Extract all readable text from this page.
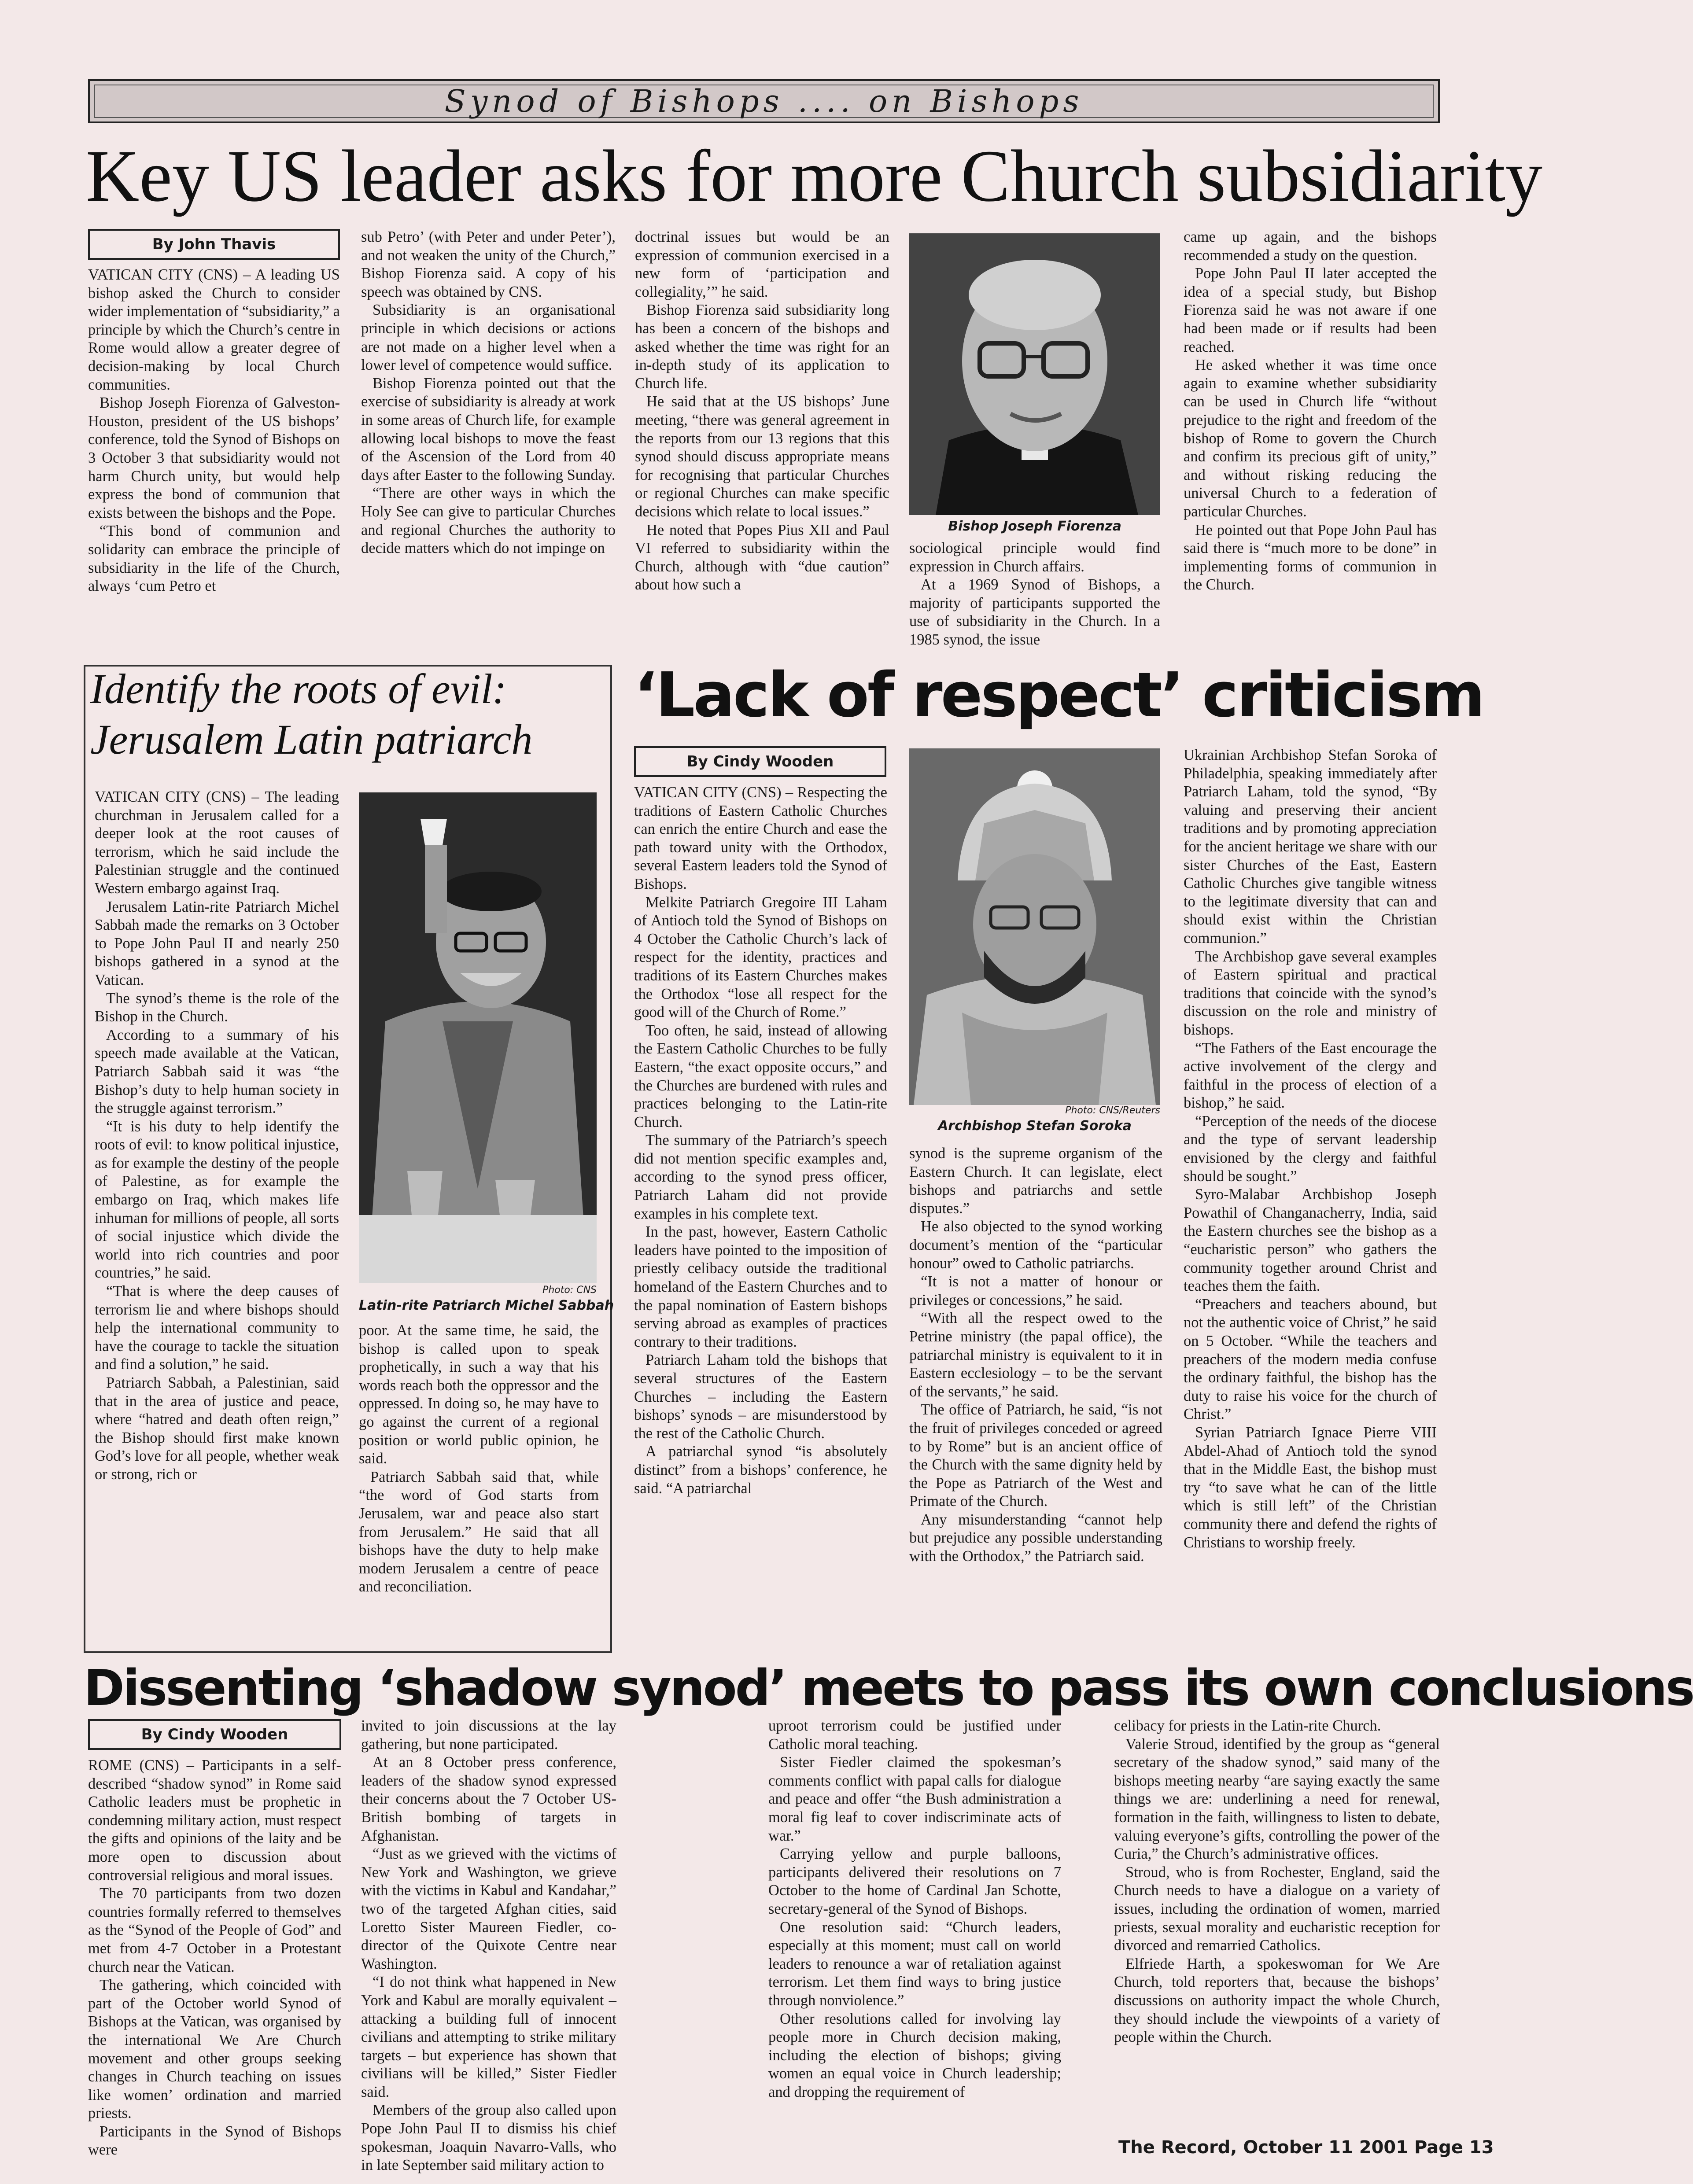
Synod of Bishops .... on Bishops
Key US leader asks for more Church subsidiarity
By John Thavis

VATICAN CITY (CNS) – A leading US bishop asked the Church to consider wider implementation of “subsidiarity,” a principle by which the Church’s centre in Rome would allow a greater degree of decision-making by local Church communities.

Bishop Joseph Fiorenza of Galveston-Houston, president of the US bishops’ conference, told the Synod of Bishops on 3 October 3 that subsidiarity would not harm Church unity, but would help express the bond of communion that exists between the bishops and the Pope.

“This bond of communion and solidarity can embrace the principle of subsidiarity in the life of the Church, always ‘cum Petro et

sub Petro’ (with Peter and under Peter’), and not weaken the unity of the Church,” Bishop Fiorenza said. A copy of his speech was obtained by CNS.

Subsidiarity is an organisational principle in which decisions or actions are not made on a higher level when a lower level of competence would suffice.

Bishop Fiorenza pointed out that the exercise of subsidiarity is already at work in some areas of Church life, for example allowing local bishops to move the feast of the Ascension of the Lord from 40 days after Easter to the following Sunday.

“There are other ways in which the Holy See can give to particular Churches and regional Churches the authority to decide matters which do not impinge on

doctrinal issues but would be an expression of communion exercised in a new form of ‘participation and collegiality,’” he said.

Bishop Fiorenza said subsidiarity long has been a concern of the bishops and asked whether the time was right for an in-depth study of its application to Church life.

He said that at the US bishops’ June meeting, “there was general agreement in the reports from our 13 regions that this synod should discuss appropriate means for recognising that particular Churches or regional Churches can make specific decisions which relate to local issues.”

He noted that Popes Pius XII and Paul VI referred to subsidiarity within the Church, although with “due caution” about how such a

Bishop Joseph Fiorenza

sociological principle would find expression in Church affairs.

At a 1969 Synod of Bishops, a majority of participants supported the use of subsidiarity in the Church. In a 1985 synod, the issue

came up again, and the bishops recommended a study on the question.

Pope John Paul II later accepted the idea of a special study, but Bishop Fiorenza said he was not aware if one had been made or if results had been reached.

He asked whether it was time once again to examine whether subsidiarity can be used in Church life “without prejudice to the right and freedom of the bishop of Rome to govern the Church and confirm its precious gift of unity,” and without risking reducing the universal Church to a federation of particular Churches.

He pointed out that Pope John Paul has said there is “much more to be done” in implementing forms of communion in the Church.

Identify the roots of evil:
Jerusalem Latin patriarch

VATICAN CITY (CNS) – The leading churchman in Jerusalem called for a deeper look at the root causes of terrorism, which he said include the Palestinian struggle and the continued Western embargo against Iraq.

Jerusalem Latin-rite Patriarch Michel Sabbah made the remarks on 3 October to Pope John Paul II and nearly 250 bishops gathered in a synod at the Vatican.

The synod’s theme is the role of the Bishop in the Church.

According to a summary of his speech made available at the Vatican, Patriarch Sabbah said it was “the Bishop’s duty to help human society in the struggle against terrorism.”

“It is his duty to help identify the roots of evil: to know political injustice, as for example the destiny of the people of Palestine, as for example the embargo on Iraq, which makes life inhuman for millions of people, all sorts of social injustice which divide the world into rich countries and poor countries,” he said.

“That is where the deep causes of terrorism lie and where bishops should help the international community to have the courage to tackle the situation and find a solution,” he said.

Patriarch Sabbah, a Palestinian, said that in the area of justice and peace, where “hatred and death often reign,” the Bishop should first make known God’s love for all people, whether weak or strong, rich or

Photo: CNS
Latin-rite Patriarch Michel Sabbah

poor. At the same time, he said, the bishop is called upon to speak prophetically, in such a way that his words reach both the oppressor and the oppressed. In doing so, he may have to go against the current of a regional position or world public opinion, he said.

Patriarch Sabbah said that, while “the word of God starts from Jerusalem, war and peace also start from Jerusalem.” He said that all bishops have the duty to help make modern Jerusalem a centre of peace and reconciliation.

‘Lack of respect’ criticism
By Cindy Wooden

VATICAN CITY (CNS) – Respecting the traditions of Eastern Catholic Churches can enrich the entire Church and ease the path toward unity with the Orthodox, several Eastern leaders told the Synod of Bishops.

Melkite Patriarch Gregoire III Laham of Antioch told the Synod of Bishops on 4 October the Catholic Church’s lack of respect for the identity, practices and traditions of its Eastern Churches makes the Orthodox “lose all respect for the good will of the Church of Rome.”

Too often, he said, instead of allowing the Eastern Catholic Churches to be fully Eastern, “the exact opposite occurs,” and the Churches are burdened with rules and practices belonging to the Latin-rite Church.

The summary of the Patriarch’s speech did not mention specific examples and, according to the synod press officer, Patriarch Laham did not provide examples in his complete text.

In the past, however, Eastern Catholic leaders have pointed to the imposition of priestly celibacy outside the traditional homeland of the Eastern Churches and to the papal nomination of Eastern bishops serving abroad as examples of practices contrary to their traditions.

Patriarch Laham told the bishops that several structures of the Eastern Churches – including the Eastern bishops’ synods – are misunderstood by the rest of the Catholic Church.

A patriarchal synod “is absolutely distinct” from a bishops’ conference, he said. “A patriarchal

Photo: CNS/Reuters
Archbishop Stefan Soroka

synod is the supreme organism of the Eastern Church. It can legislate, elect bishops and patriarchs and settle disputes.”

He also objected to the synod working document’s mention of the “particular honour” owed to Catholic patriarchs.

“It is not a matter of honour or privileges or concessions,” he said.

“With all the respect owed to the Petrine ministry (the papal office), the patriarchal ministry is equivalent to it in Eastern ecclesiology – to be the servant of the servants,” he said.

The office of Patriarch, he said, “is not the fruit of privileges conceded or agreed to by Rome” but is an ancient office of the Church with the same dignity held by the Pope as Patriarch of the West and Primate of the Church.

Any misunderstanding “cannot help but prejudice any possible understanding with the Orthodox,” the Patriarch said.

Ukrainian Archbishop Stefan Soroka of Philadelphia, speaking immediately after Patriarch Laham, told the synod, “By valuing and preserving their ancient traditions and by promoting appreciation for the ancient heritage we share with our sister Churches of the East, Eastern Catholic Churches give tangible witness to the legitimate diversity that can and should exist within the Christian communion.”

The Archbishop gave several examples of Eastern spiritual and practical traditions that coincide with the synod’s discussion on the role and ministry of bishops.

“The Fathers of the East encourage the active involvement of the clergy and faithful in the process of election of a bishop,” he said.

“Perception of the needs of the diocese and the type of servant leadership envisioned by the clergy and faithful should be sought.”

Syro-Malabar Archbishop Joseph Powathil of Changanacherry, India, said the Eastern churches see the bishop as a “eucharistic person” who gathers the community together around Christ and teaches them the faith.

“Preachers and teachers abound, but not the authentic voice of Christ,” he said on 5 October. “While the teachers and preachers of the modern media confuse the ordinary faithful, the bishop has the duty to raise his voice for the church of Christ.”

Syrian Patriarch Ignace Pierre VIII Abdel-Ahad of Antioch told the synod that in the Middle East, the bishop must try “to save what he can of the little which is still left” of the Christian community there and defend the rights of Christians to worship freely.

Dissenting ‘shadow synod’ meets to pass its own conclusions
By Cindy Wooden

ROME (CNS) – Participants in a self-described “shadow synod” in Rome said Catholic leaders must be prophetic in condemning military action, must respect the gifts and opinions of the laity and be more open to discussion about controversial religious and moral issues.

The 70 participants from two dozen countries formally referred to themselves as the “Synod of the People of God” and met from 4-7 October in a Protestant church near the Vatican.

The gathering, which coincided with part of the October world Synod of Bishops at the Vatican, was organised by the international We Are Church movement and other groups seeking changes in Church teaching on issues like women’ ordination and married priests.

Participants in the Synod of Bishops were

invited to join discussions at the lay gathering, but none participated.

At an 8 October press conference, leaders of the shadow synod expressed their concerns about the 7 October US-British bombing of targets in Afghanistan.

“Just as we grieved with the victims of New York and Washington, we grieve with the victims in Kabul and Kandahar,” two of the targeted Afghan cities, said Loretto Sister Maureen Fiedler, co-director of the Quixote Centre near Washington.

“I do not think what happened in New York and Kabul are morally equivalent – attacking a building full of innocent civilians and attempting to strike military targets – but experience has shown that civilians will be killed,” Sister Fiedler said.

Members of the group also called upon Pope John Paul II to dismiss his chief spokesman, Joaquin Navarro-Valls, who in late September said military action to

uproot terrorism could be justified under Catholic moral teaching.

Sister Fiedler claimed the spokesman’s comments conflict with papal calls for dialogue and peace and offer “the Bush administration a moral fig leaf to cover indiscriminate acts of war.”

Carrying yellow and purple balloons, participants delivered their resolutions on 7 October to the home of Cardinal Jan Schotte, secretary-general of the Synod of Bishops.

One resolution said: “Church leaders, especially at this moment; must call on world leaders to renounce a war of retaliation against terrorism. Let them find ways to bring justice through nonviolence.”

Other resolutions called for involving lay people more in Church decision making, including the election of bishops; giving women an equal voice in Church leadership; and dropping the requirement of

celibacy for priests in the Latin-rite Church.

Valerie Stroud, identified by the group as “general secretary of the shadow synod,” said many of the bishops meeting nearby “are saying exactly the same things we are: underlining a need for renewal, formation in the faith, willingness to listen to debate, valuing everyone’s gifts, controlling the power of the Curia,” the Church’s administrative offices.

Stroud, who is from Rochester, England, said the Church needs to have a dialogue on a variety of issues, including the ordination of women, married priests, sexual morality and eucharistic reception for divorced and remarried Catholics.

Elfriede Harth, a spokeswoman for We Are Church, told reporters that, because the bishops’ discussions on authority impact the whole Church, they should include the viewpoints of a variety of people within the Church.

The Record, October 11 2001 Page 13
